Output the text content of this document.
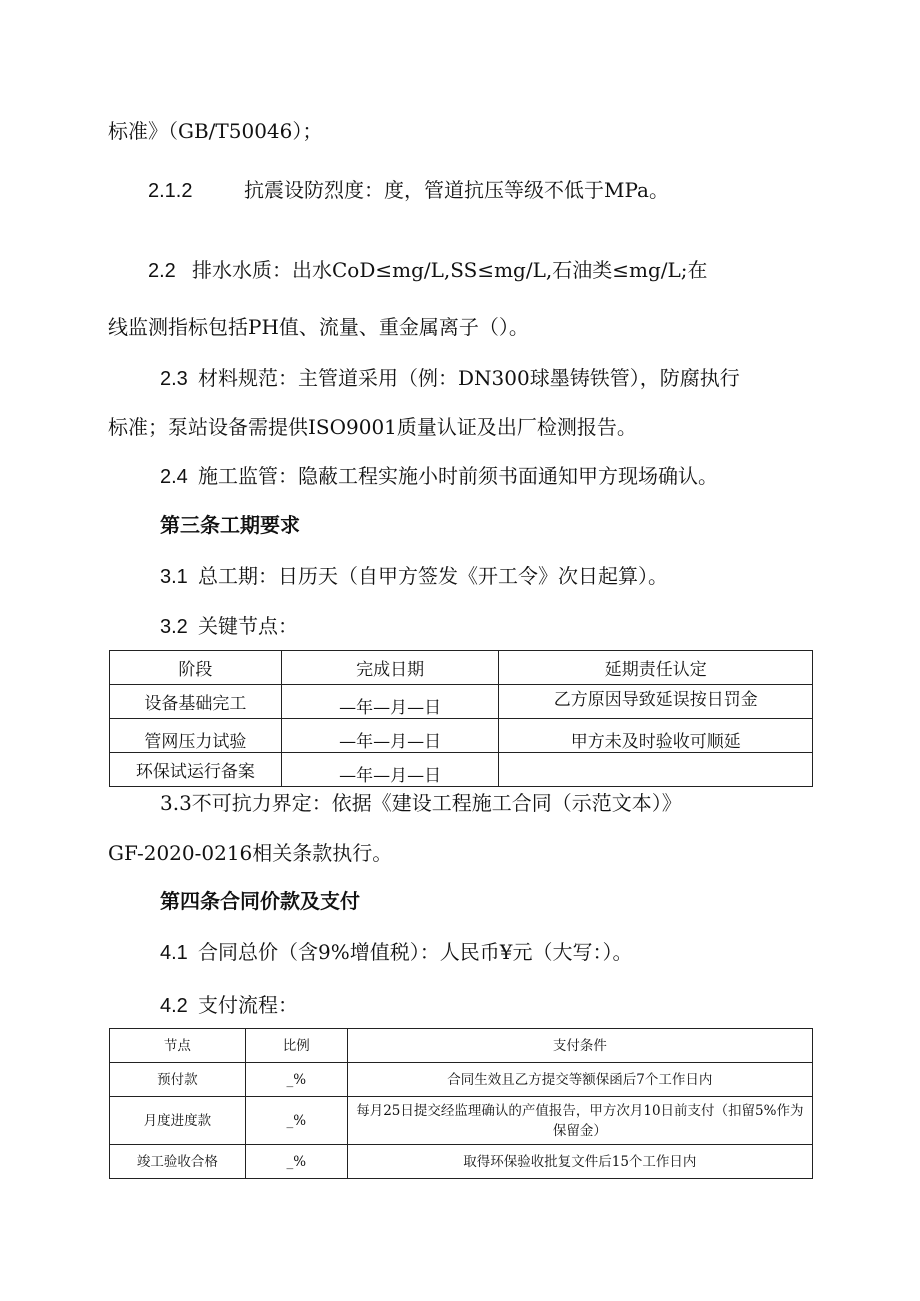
标准》（GB/T50046）；
2.1.2	抗震设防烈度：度，管道抗压等级不低于MPa。
2.2 排水水质：出水CoD≤mg/L,SS≤mg/L,石油类≤mg/L;在
线监测指标包括PH值、流量、重金属离子（）。
2.3 材料规范：主管道采用（例：DN300球墨铸铁管），防腐执行
标准；泵站设备需提供ISO9001质量认证及出厂检测报告。
2.4 施工监管：隐蔽工程实施小时前须书面通知甲方现场确认。
第三条工期要求
3.1 总工期：日历天（自甲方签发《开工令》次日起算）。
3.2 关键节点：
阶段	完成日期	延期责任认定
设备基础完工	—年—月—日	乙方原因导致延误按日罚金
管网压力试验	—年—月—日	甲方未及时验收可顺延
环保试运行备案	—年—月—日	
3.3不可抗力界定：依据《建设工程施工合同（示范文本）》
GF-2020-0216相关条款执行。
第四条合同价款及支付
4.1 合同总价（含9%增值税）：人民币¥元（大写：）。
4.2 支付流程：
节点	比例	支付条件
预付款	_%	合同生效且乙方提交等额保函后7个工作日内
月度进度款	_%	每月25日提交经监理确认的产值报告，甲方次月10日前支付（扣留5%作为保留金）
竣工验收合格	_%	取得环保验收批复文件后15个工作日内
